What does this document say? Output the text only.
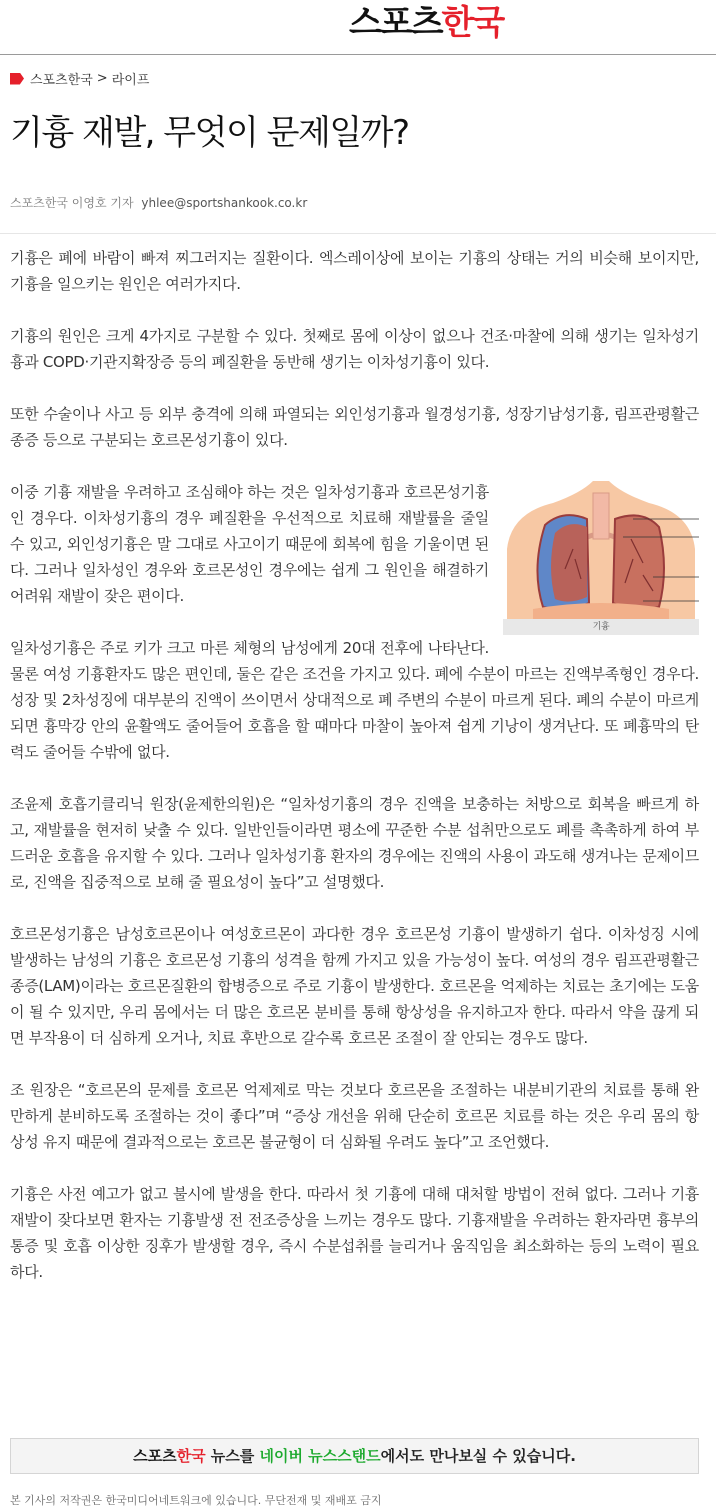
스포츠한국
스포츠한국 > 라이프
기흉 재발, 무엇이 문제일까?
스포츠한국 이영호 기자 yhlee@sportshankook.co.kr

기흉은 폐에 바람이 빠져 찌그러지는 질환이다. 엑스레이상에 보이는 기흉의 상태는 거의 비슷해 보이지만, 기흉을 일으키는 원인은 여러가지다.

기흉의 원인은 크게 4가지로 구분할 수 있다. 첫째로 몸에 이상이 없으나 건조·마찰에 의해 생기는 일차성기흉과 COPD·기관지확장증 등의 폐질환을 동반해 생기는 이차성기흉이 있다.

또한 수술이나 사고 등 외부 충격에 의해 파열되는 외인성기흉과 월경성기흉, 성장기남성기흉, 림프관평활근종증 등으로 구분되는 호르몬성기흉이 있다.

기흉

이중 기흉 재발을 우려하고 조심해야 하는 것은 일차성기흉과 호르몬성기흉인 경우다. 이차성기흉의 경우 폐질환을 우선적으로 치료해 재발률을 줄일 수 있고, 외인성기흉은 말 그대로 사고이기 때문에 회복에 힘을 기울이면 된다. 그러나 일차성인 경우와 호르몬성인 경우에는 쉽게 그 원인을 해결하기 어려워 재발이 잦은 편이다.

일차성기흉은 주로 키가 크고 마른 체형의 남성에게 20대 전후에 나타난다. 물론 여성 기흉환자도 많은 편인데, 둘은 같은 조건을 가지고 있다. 폐에 수분이 마르는 진액부족형인 경우다. 성장 및 2차성징에 대부분의 진액이 쓰이면서 상대적으로 폐 주변의 수분이 마르게 된다. 폐의 수분이 마르게 되면 흉막강 안의 윤활액도 줄어들어 호흡을 할 때마다 마찰이 높아져 쉽게 기낭이 생겨난다. 또 폐흉막의 탄력도 줄어들 수밖에 없다.

조윤제 호흡기클리닉 원장(윤제한의원)은 “일차성기흉의 경우 진액을 보충하는 처방으로 회복을 빠르게 하고, 재발률을 현저히 낮출 수 있다. 일반인들이라면 평소에 꾸준한 수분 섭취만으로도 폐를 촉촉하게 하여 부드러운 호흡을 유지할 수 있다. 그러나 일차성기흉 환자의 경우에는 진액의 사용이 과도해 생겨나는 문제이므로, 진액을 집중적으로 보해 줄 필요성이 높다”고 설명했다.

호르몬성기흉은 남성호르몬이나 여성호르몬이 과다한 경우 호르몬성 기흉이 발생하기 쉽다. 이차성징 시에 발생하는 남성의 기흉은 호르몬성 기흉의 성격을 함께 가지고 있을 가능성이 높다. 여성의 경우 림프관평활근종증(LAM)이라는 호르몬질환의 합병증으로 주로 기흉이 발생한다. 호르몬을 억제하는 치료는 초기에는 도움이 될 수 있지만, 우리 몸에서는 더 많은 호르몬 분비를 통해 항상성을 유지하고자 한다. 따라서 약을 끊게 되면 부작용이 더 심하게 오거나, 치료 후반으로 갈수록 호르몬 조절이 잘 안되는 경우도 많다.

조 원장은 “호르몬의 문제를 호르몬 억제제로 막는 것보다 호르몬을 조절하는 내분비기관의 치료를 통해 완만하게 분비하도록 조절하는 것이 좋다”며 “증상 개선을 위해 단순히 호르몬 치료를 하는 것은 우리 몸의 항상성 유지 때문에 결과적으로는 호르몬 불균형이 더 심화될 우려도 높다”고 조언했다.

기흉은 사전 예고가 없고 불시에 발생을 한다. 따라서 첫 기흉에 대해 대처할 방법이 전혀 없다. 그러나 기흉 재발이 잦다보면 환자는 기흉발생 전 전조증상을 느끼는 경우도 많다. 기흉재발을 우려하는 환자라면 흉부의 통증 및 호흡 이상한 징후가 발생할 경우, 즉시 수분섭취를 늘리거나 움직임을 최소화하는 등의 노력이 필요하다.

스포츠한국 뉴스를 네이버 뉴스스탠드에서도 만나보실 수 있습니다.
본 기사의 저작권은 한국미디어네트워크에 있습니다. 무단전재 및 재배포 금지
